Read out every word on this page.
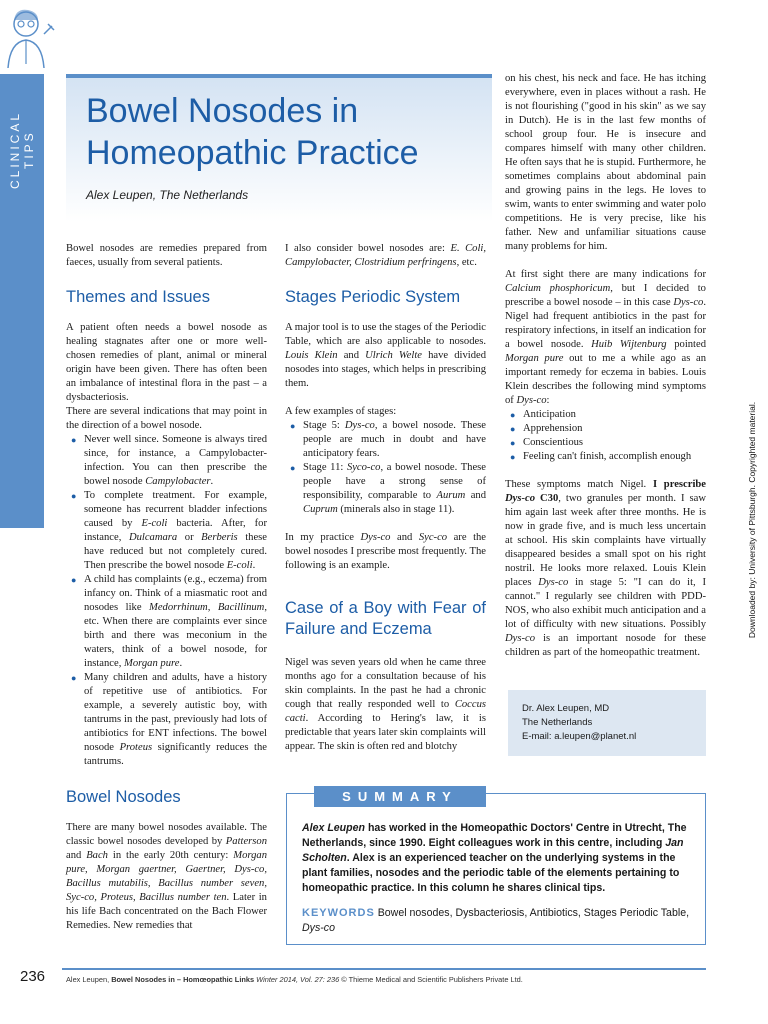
CLINICAL TIPS
Bowel Nosodes in
Homeopathic Practice
Alex Leupen, The Netherlands

Bowel nosodes are remedies prepared from faeces, usually from several patients.

Themes and Issues

A patient often needs a bowel nosode as healing stagnates after one or more well-chosen remedies of plant, animal or mineral origin have been given. There has often been an imbalance of intestinal flora in the past – a dysbacteriosis.

There are several indications that may point in the direction of a bowel nosode.

● Never well since. Someone is always tired since, for instance, a Campylobacter-infection. You can then prescribe the bowel nosode Campylobacter.
● To complete treatment. For example, someone has recurrent bladder infections caused by E-coli bacteria. After, for instance, Dulcamara or Berberis these have reduced but not completely cured. Then prescribe the bowel nosode E-coli.
● A child has complaints (e.g., eczema) from infancy on. Think of a miasmatic root and nosodes like Medorrhinum, Bacillinum, etc. When there are complaints ever since birth and there was meconium in the waters, think of a bowel nosode, for instance, Morgan pure.
● Many children and adults, have a history of repetitive use of antibiotics. For example, a severely autistic boy, with tantrums in the past, previously had lots of antibiotics for ENT infections. The bowel nosode Proteus significantly reduces the tantrums.
Bowel Nosodes

There are many bowel nosodes available. The classic bowel nosodes developed by Patterson and Bach in the early 20th century: Morgan pure, Morgan gaertner, Gaertner, Dys-co, Bacillus mutabilis, Bacillus number seven, Syc-co, Proteus, Bacillus number ten. Later in his life Bach concentrated on the Bach Flower Remedies. New remedies that

I also consider bowel nosodes are: E. Coli, Campylobacter, Clostridium perfringens, etc.

Stages Periodic System

A major tool is to use the stages of the Periodic Table, which are also applicable to nosodes. Louis Klein and Ulrich Welte have divided nosodes into stages, which helps in prescribing them.

A few examples of stages:

● Stage 5: Dys-co, a bowel nosode. These people are much in doubt and have anticipatory fears.
● Stage 11: Syco-co, a bowel nosode. These people have a strong sense of responsibility, comparable to Aurum and Cuprum (minerals also in stage 11).

In my practice Dys-co and Syc-co are the bowel nosodes I prescribe most frequently. The following is an example.

Case of a Boy with Fear of Failure and Eczema

Nigel was seven years old when he came three months ago for a consultation because of his skin complaints. In the past he had a chronic cough that really responded well to Coccus cacti. According to Hering's law, it is predictable that years later skin complaints will appear. The skin is often red and blotchy

on his chest, his neck and face. He has itching everywhere, even in places without a rash. He is not flourishing ("good in his skin" as we say in Dutch). He is in the last few months of school group four. He is insecure and compares himself with many other children. He often says that he is stupid. Furthermore, he sometimes complains about abdominal pain and growing pains in the legs. He loves to swim, wants to enter swimming and water polo competitions. He is very precise, like his father. New and unfamiliar situations cause many problems for him.

At first sight there are many indications for Calcium phosphoricum, but I decided to prescribe a bowel nosode – in this case Dys-co. Nigel had frequent antibiotics in the past for respiratory infections, in itself an indication for a bowel nosode. Huib Wijtenburg pointed Morgan pure out to me a while ago as an important remedy for eczema in babies. Louis Klein describes the following mind symptoms of Dys-co:

● Anticipation
● Apprehension
● Conscientious
● Feeling can't finish, accomplish enough

These symptoms match Nigel. I prescribe Dys-co C30, two granules per month. I saw him again last week after three months. He is now in grade five, and is much less uncertain at school. His skin complaints have virtually disappeared besides a small spot on his right nostril. He looks more relaxed. Louis Klein places Dys-co in stage 5: "I can do it, I cannot." I regularly see children with PDD-NOS, who also exhibit much anticipation and a lot of difficulty with new situations. Possibly Dys-co is an important nosode for these children as part of the homeopathic treatment.

Dr. Alex Leupen, MD
The Netherlands
E-mail: a.leupen@planet.nl
SUMMARY
Alex Leupen has worked in the Homeopathic Doctors' Centre in Utrecht, The Netherlands, since 1990. Eight colleagues work in this centre, including Jan Scholten. Alex is an experienced teacher on the underlying systems in the plant families, nosodes and the periodic table of the elements pertaining to homeopathic practice. In this column he shares clinical tips.
KEYWORDS Bowel nosodes, Dysbacteriosis, Antibiotics, Stages Periodic Table, Dys-co
236	Alex Leupen, Bowel Nosodes in – Homœopathic Links Winter 2014, Vol. 27: 236 © Thieme Medical and Scientific Publishers Private Ltd.
Downloaded by: University of Pittsburgh. Copyrighted material.
